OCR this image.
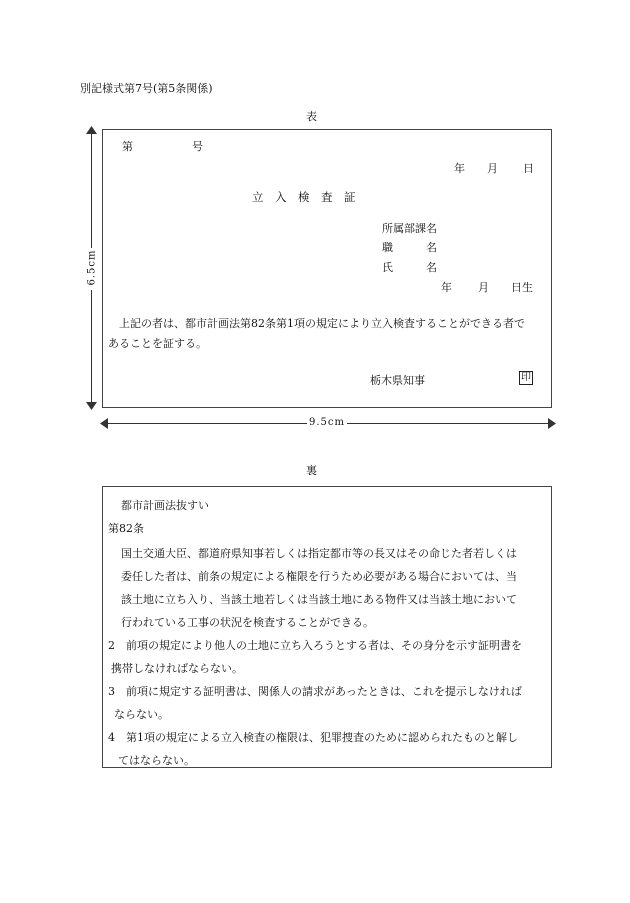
別記様式第7号(第5条関係)
表
第	号
年 月 日
立　入　検　査　証
所属部課名
職　　　名
氏　　　名
年 月 日生
上記の者は、都市計画法第82条第1項の規定により立入検査することができる者で
あることを証する。
栃木県知事	印
6.5cm
9.5cm
裏
都市計画法抜すい
第82条
国土交通大臣、都道府県知事若しくは指定都市等の長又はその命じた者若しくは
委任した者は、前条の規定による権限を行うため必要がある場合においては、当
該土地に立ち入り、当該土地若しくは当該土地にある物件又は当該土地において
行われている工事の状況を検査することができる。
2　前項の規定により他人の土地に立ち入ろうとする者は、その身分を示す証明書を
携帯しなければならない。
3　前項に規定する証明書は、関係人の請求があったときは、これを提示しなければ
ならない。
4　第1項の規定による立入検査の権限は、犯罪捜査のために認められたものと解し
てはならない。
